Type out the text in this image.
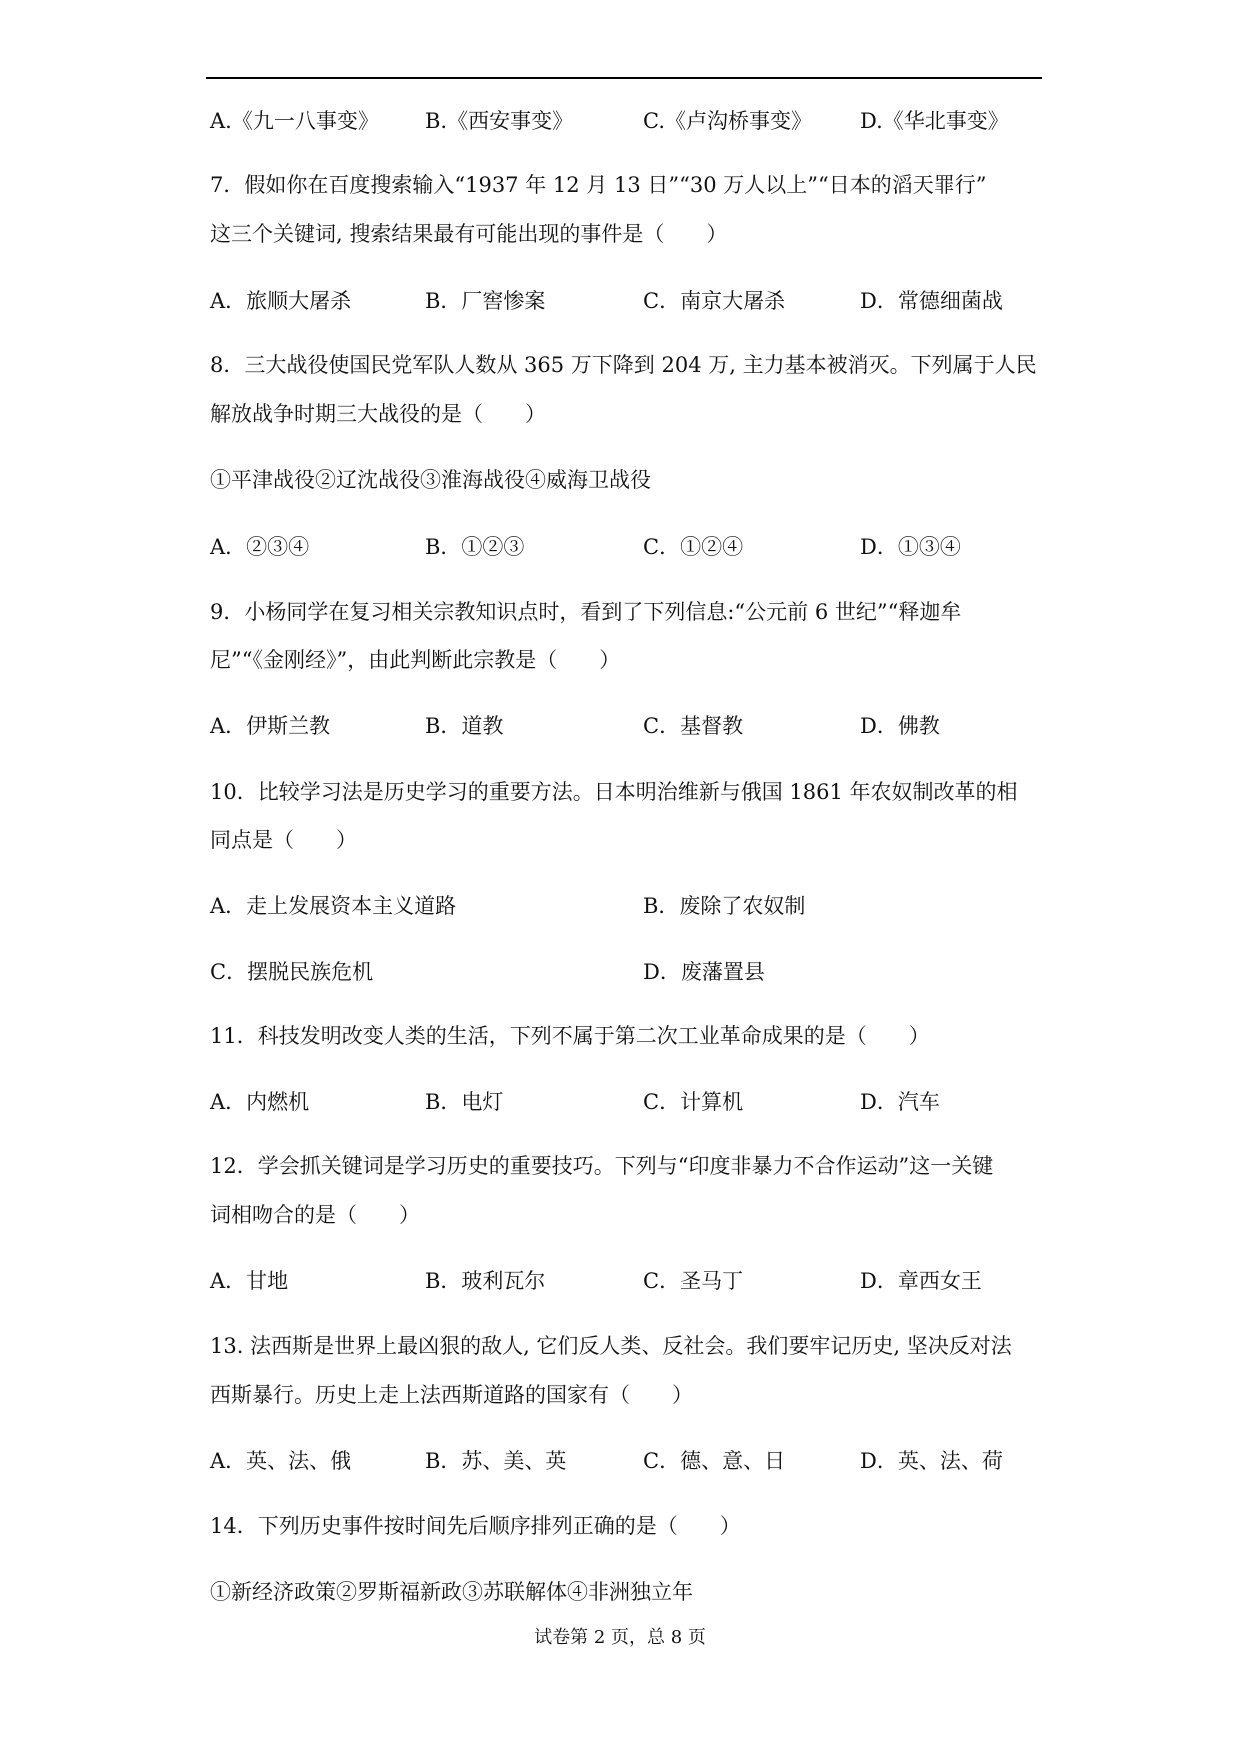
A.《九一八事变》 B.《西安事变》	C.《卢沟桥事变》 D.《华北事变》
7．假如你在百度搜索输入“1937 年 12 月 13 日”“30 万人以上”“日本的滔天罪行”
这三个关键词, 搜索结果最有可能出现的事件是（　　）
A．旅顺大屠杀	B．厂窖惨案	C．南京大屠杀	D．常德细菌战
8．三大战役使国民党军队人数从 365 万下降到 204 万, 主力基本被消灭。下列属于人民
解放战争时期三大战役的是（　　）
①平津战役②辽沈战役③淮海战役④威海卫战役
A．②③④	B．①②③	C．①②④	D．①③④
9．小杨同学在复习相关宗教知识点时，看到了下列信息:“公元前 6 世纪”“释迦牟
尼”“《金刚经》”，由此判断此宗教是（　　）
A．伊斯兰教	B．道教	C．基督教	D．佛教
10．比较学习法是历史学习的重要方法。日本明治维新与俄国 1861 年农奴制改革的相
同点是（　　）
A．走上发展资本主义道路	B．废除了农奴制
C．摆脱民族危机	D．废藩置县
11．科技发明改变人类的生活，下列不属于第二次工业革命成果的是（　　）
A．内燃机	B．电灯	C．计算机	D．汽车
12．学会抓关键词是学习历史的重要技巧。下列与“印度非暴力不合作运动”这一关键
词相吻合的是（　　）
A．甘地	B．玻利瓦尔	C．圣马丁	D．章西女王
13. 法西斯是世界上最凶狠的敌人, 它们反人类、反社会。我们要牢记历史, 坚决反对法
西斯暴行。历史上走上法西斯道路的国家有（　　）
A．英、法、俄	B．苏、美、英	C．德、意、日	D．英、法、荷
14．下列历史事件按时间先后顺序排列正确的是（　　）
①新经济政策②罗斯福新政③苏联解体④非洲独立年
试卷第 2 页，总 8 页
